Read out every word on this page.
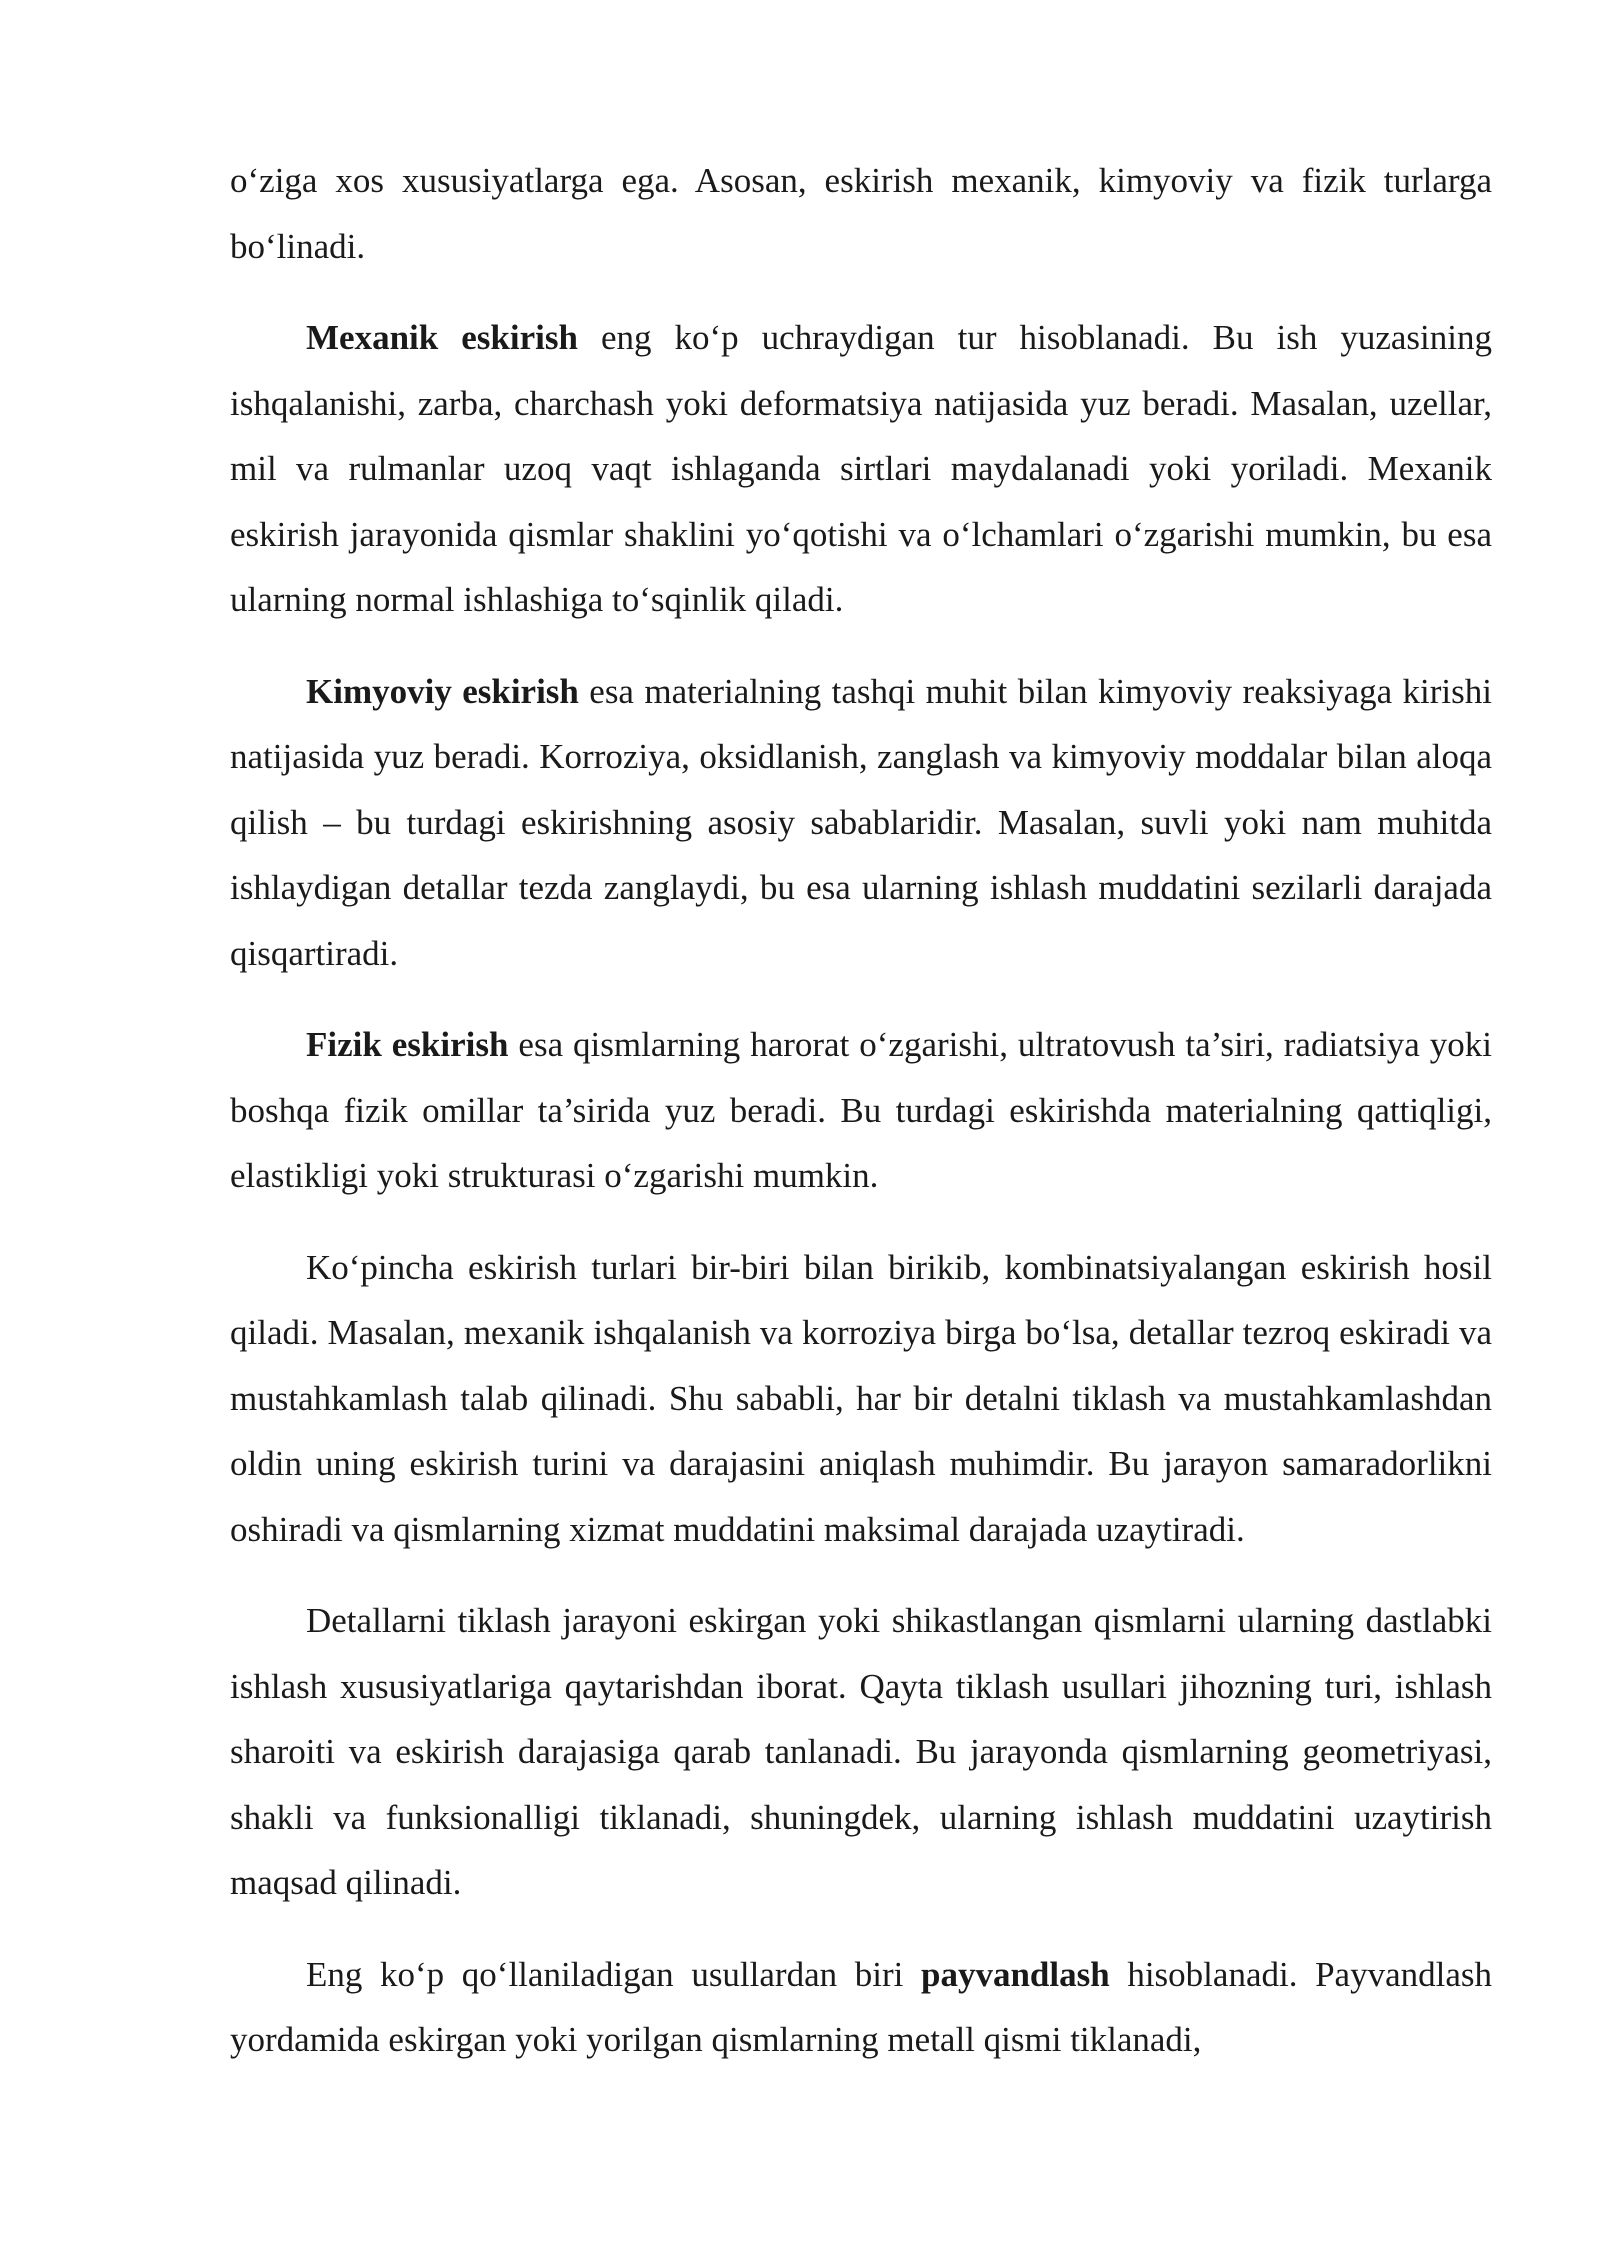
o‘ziga xos xususiyatlarga ega. Asosan, eskirish mexanik, kimyoviy va fizik turlarga bo‘linadi.

Mexanik eskirish eng ko‘p uchraydigan tur hisoblanadi. Bu ish yuzasining ishqalanishi, zarba, charchash yoki deformatsiya natijasida yuz beradi. Masalan, uzellar, mil va rulmanlar uzoq vaqt ishlaganda sirtlari maydalanadi yoki yoriladi. Mexanik eskirish jarayonida qismlar shaklini yo‘qotishi va o‘lchamlari o‘zgarishi mumkin, bu esa ularning normal ishlashiga to‘sqinlik qiladi.

Kimyoviy eskirish esa materialning tashqi muhit bilan kimyoviy reaksiyaga kirishi natijasida yuz beradi. Korroziya, oksidlanish, zanglash va kimyoviy moddalar bilan aloqa qilish – bu turdagi eskirishning asosiy sabablaridir. Masalan, suvli yoki nam muhitda ishlaydigan detallar tezda zanglaydi, bu esa ularning ishlash muddatini sezilarli darajada qisqartiradi.

Fizik eskirish esa qismlarning harorat o‘zgarishi, ultratovush ta’siri, radiatsiya yoki boshqa fizik omillar ta’sirida yuz beradi. Bu turdagi eskirishda materialning qattiqligi, elastikligi yoki strukturasi o‘zgarishi mumkin.

Ko‘pincha eskirish turlari bir-biri bilan birikib, kombinatsiyalangan eskirish hosil qiladi. Masalan, mexanik ishqalanish va korroziya birga bo‘lsa, detallar tezroq eskiradi va mustahkamlash talab qilinadi. Shu sababli, har bir detalni tiklash va mustahkamlashdan oldin uning eskirish turini va darajasini aniqlash muhimdir. Bu jarayon samaradorlikni oshiradi va qismlarning xizmat muddatini maksimal darajada uzaytiradi.

Detallarni tiklash jarayoni eskirgan yoki shikastlangan qismlarni ularning dastlabki ishlash xususiyatlariga qaytarishdan iborat. Qayta tiklash usullari jihozning turi, ishlash sharoiti va eskirish darajasiga qarab tanlanadi. Bu jarayonda qismlarning geometriyasi, shakli va funksionalligi tiklanadi, shuningdek, ularning ishlash muddatini uzaytirish maqsad qilinadi.

Eng ko‘p qo‘llaniladigan usullardan biri payvandlash hisoblanadi. Payvandlash yordamida eskirgan yoki yorilgan qismlarning metall qismi tiklanadi,
